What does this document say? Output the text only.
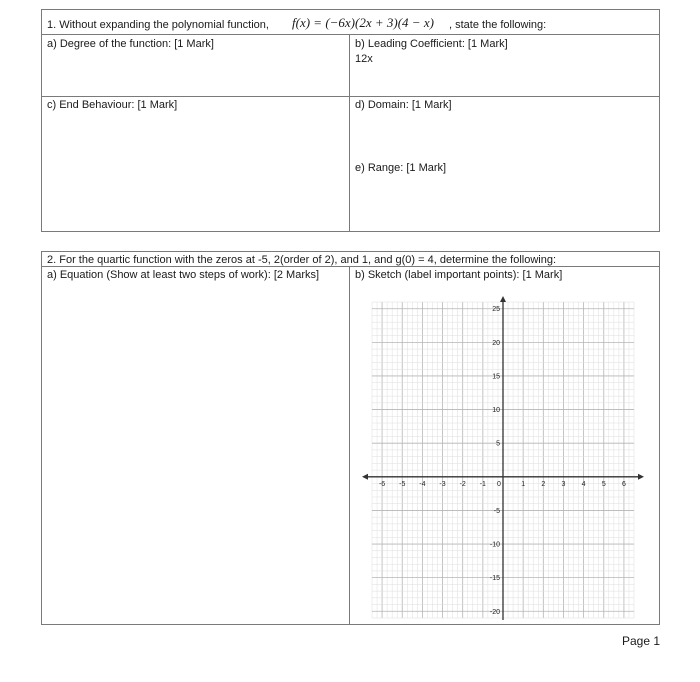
1. Without expanding the polynomial function, f(x) = (−6x)(2x + 3)(4 − x) , state the following:
a) Degree of the function: [1 Mark]	b) Leading Coefficient: [1 Mark]
12x
c) End Behaviour: [1 Mark]	d) Domain: [1 Mark]
e) Range: [1 Mark]
2. For the quartic function with the zeros at -5, 2(order of 2), and 1, and g(0) = 4, determine the following:
a) Equation (Show at least two steps of work): [2 Marks]	b) Sketch (label important points): [1 Mark]
-6 -5 -4 -3 -2 -1 0	1 2 3 4 5 6
25
20
15
10
5
-5
-10
-15
-20
Page 1
